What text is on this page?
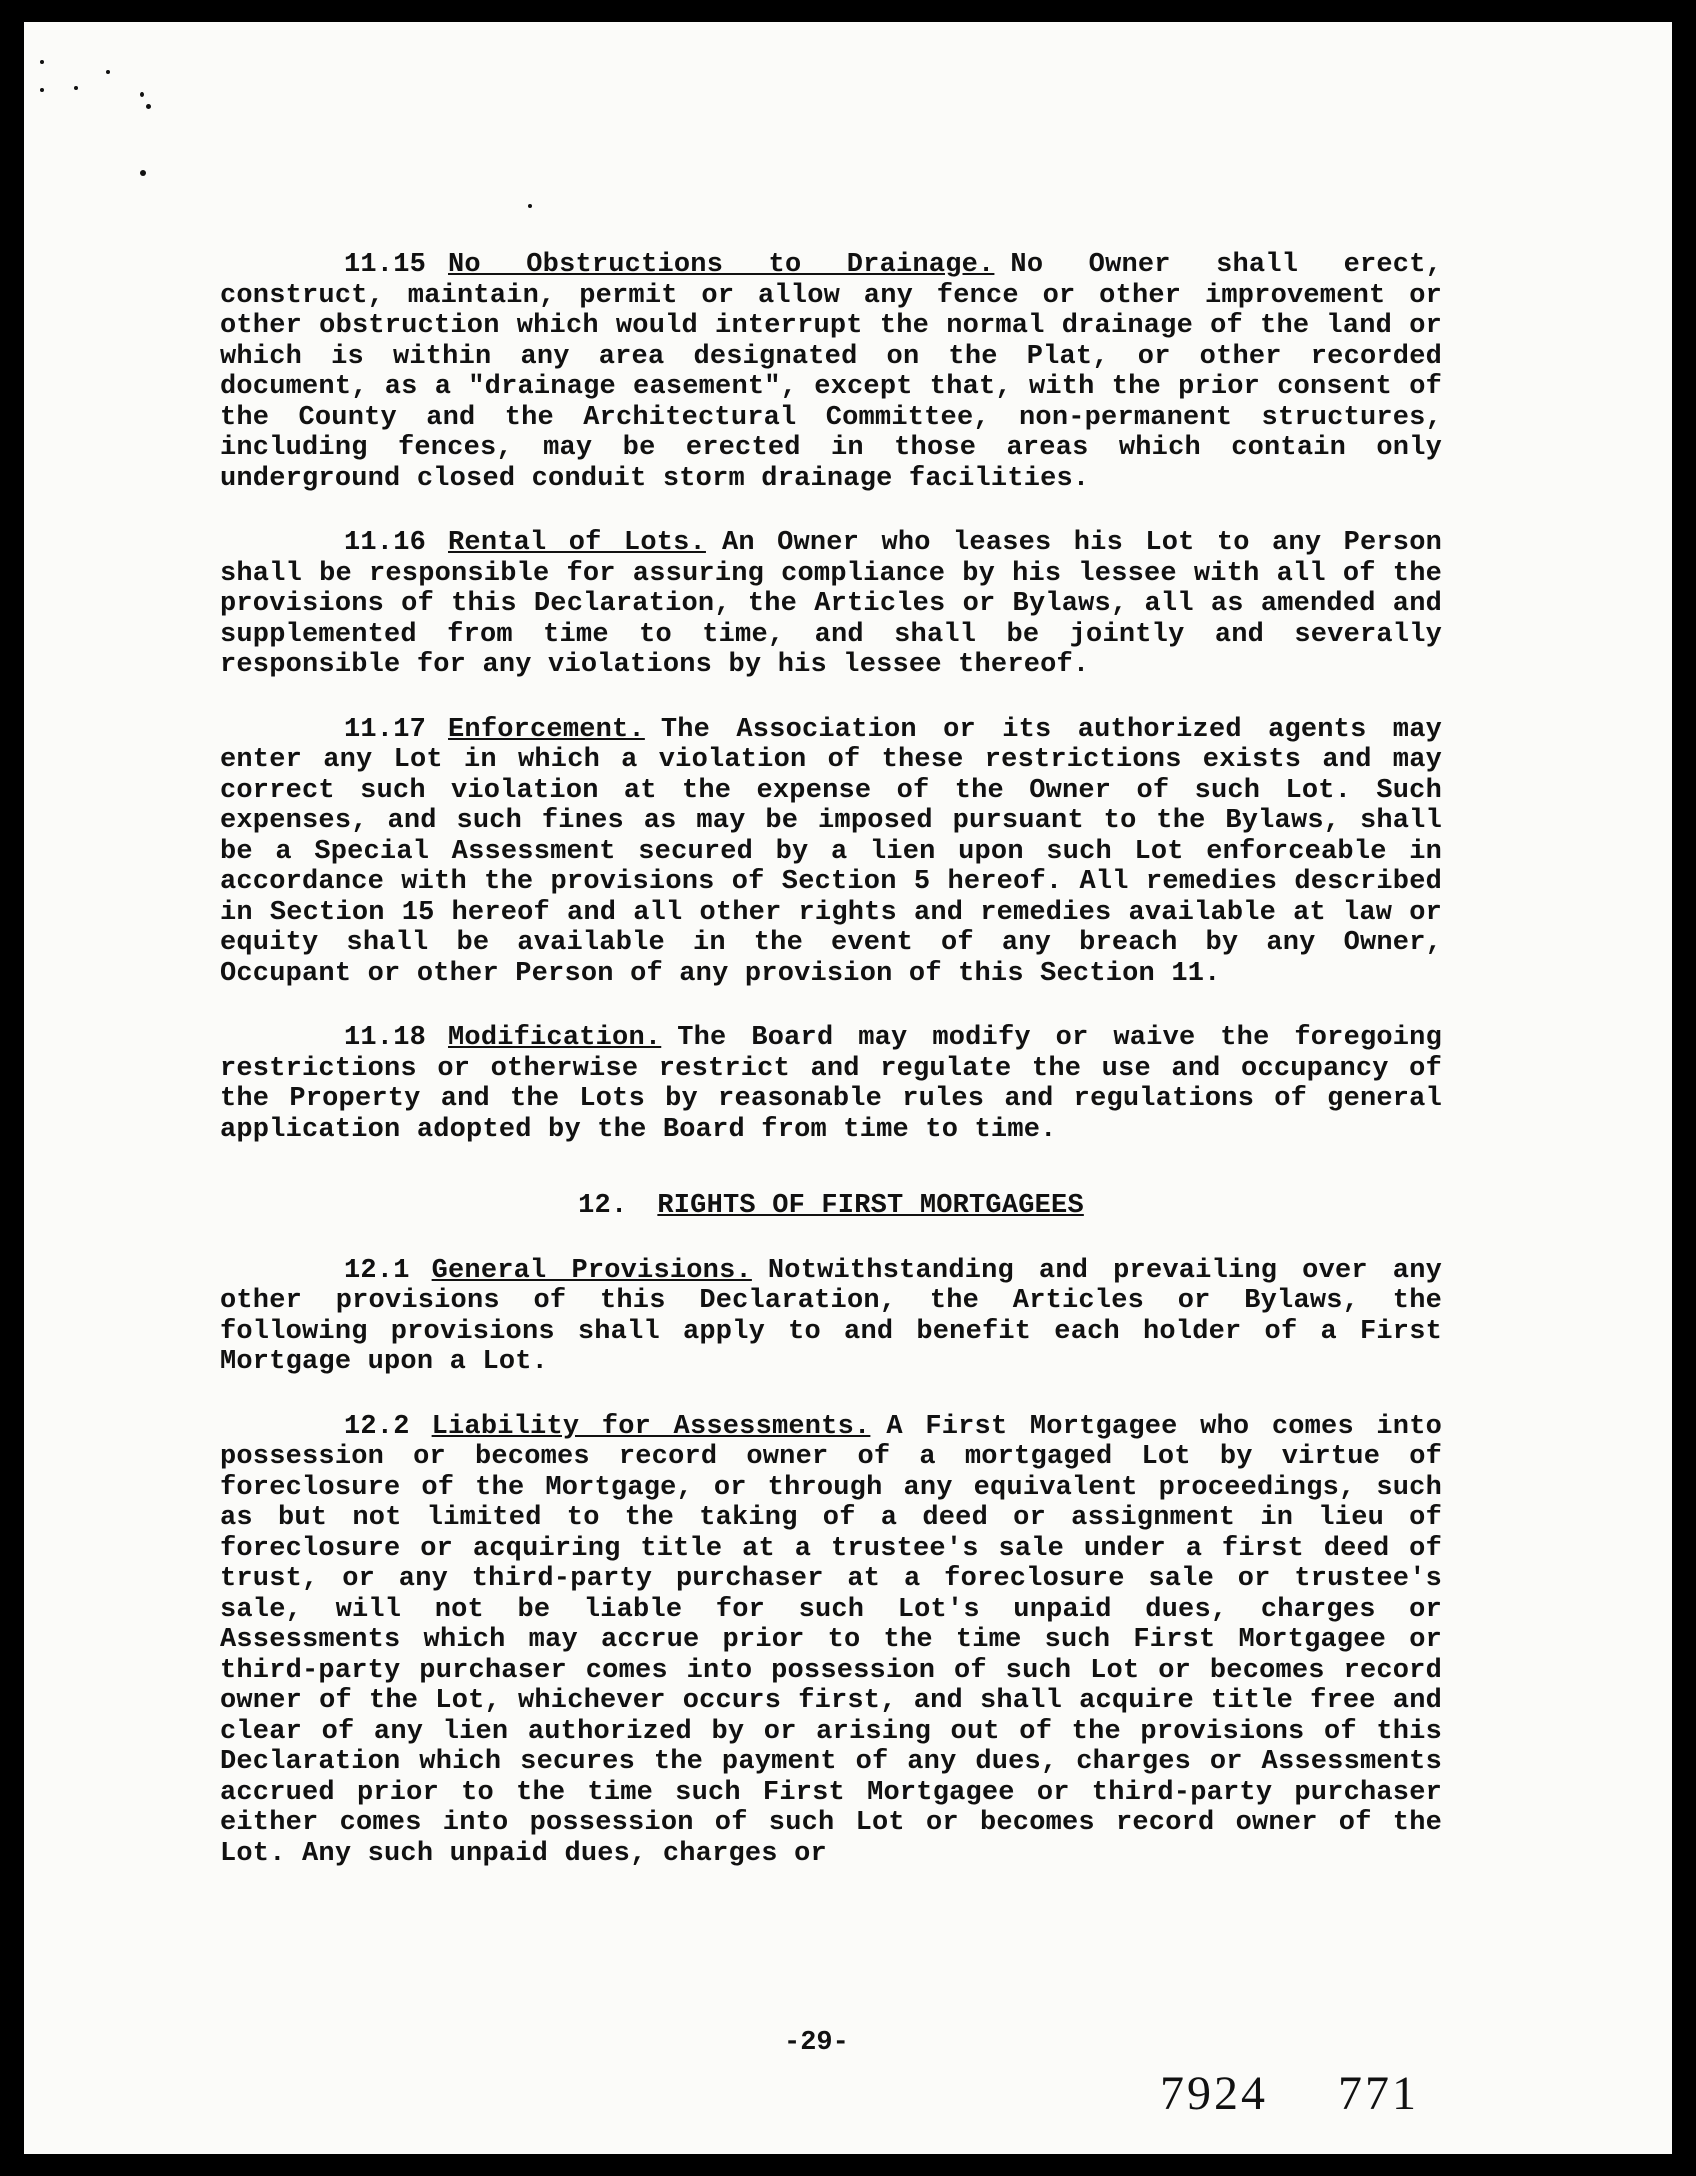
11.15 No Obstructions to Drainage. No Owner shall erect, construct, maintain, permit or allow any fence or other improvement or other obstruction which would interrupt the normal drainage of the land or which is within any area designated on the Plat, or other recorded document, as a "drainage easement", except that, with the prior consent of the County and the Architectural Committee, non-permanent structures, including fences, may be erected in those areas which contain only underground closed conduit storm drainage facilities.

11.16 Rental of Lots. An Owner who leases his Lot to any Person shall be responsible for assuring compliance by his lessee with all of the provisions of this Declaration, the Articles or Bylaws, all as amended and supplemented from time to time, and shall be jointly and severally responsible for any violations by his lessee thereof.

11.17 Enforcement. The Association or its authorized agents may enter any Lot in which a violation of these restrictions exists and may correct such violation at the expense of the Owner of such Lot. Such expenses, and such fines as may be imposed pursuant to the Bylaws, shall be a Special Assessment secured by a lien upon such Lot enforceable in accordance with the provisions of Section 5 hereof. All remedies described in Section 15 hereof and all other rights and remedies available at law or equity shall be available in the event of any breach by any Owner, Occupant or other Person of any provision of this Section 11.

11.18 Modification. The Board may modify or waive the foregoing restrictions or otherwise restrict and regulate the use and occupancy of the Property and the Lots by reasonable rules and regulations of general application adopted by the Board from time to time.

12. RIGHTS OF FIRST MORTGAGEES

12.1 General Provisions. Notwithstanding and prevailing over any other provisions of this Declaration, the Articles or Bylaws, the following provisions shall apply to and benefit each holder of a First Mortgage upon a Lot.

12.2 Liability for Assessments. A First Mortgagee who comes into possession or becomes record owner of a mortgaged Lot by virtue of foreclosure of the Mortgage, or through any equivalent proceedings, such as but not limited to the taking of a deed or assignment in lieu of foreclosure or acquiring title at a trustee's sale under a first deed of trust, or any third-party purchaser at a foreclosure sale or trustee's sale, will not be liable for such Lot's unpaid dues, charges or Assessments which may accrue prior to the time such First Mortgagee or third-party purchaser comes into possession of such Lot or becomes record owner of the Lot, whichever occurs first, and shall acquire title free and clear of any lien authorized by or arising out of the provisions of this Declaration which secures the payment of any dues, charges or Assessments accrued prior to the time such First Mortgagee or third-party purchaser either comes into possession of such Lot or becomes record owner of the Lot. Any such unpaid dues, charges or

-29-
7924 771
